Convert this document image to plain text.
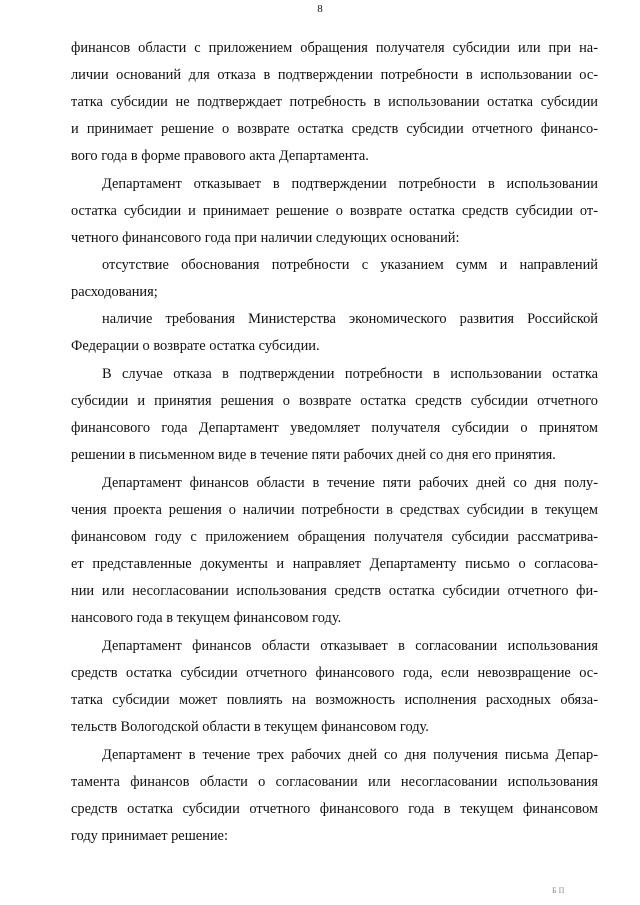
8
финансов области с приложением обращения получателя субсидии или при на-
личии оснований для отказа в подтверждении потребности в использовании ос-
татка субсидии не подтверждает потребность в использовании остатка субсидии
и принимает решение о возврате остатка средств субсидии отчетного финансо-
вого года в форме правового акта Департамента.
Департамент отказывает в подтверждении потребности в использовании
остатка субсидии и принимает решение о возврате остатка средств субсидии от-
четного финансового года при наличии следующих оснований:
отсутствие обоснования потребности с указанием сумм и направлений
расходования;
наличие требования Министерства экономического развития Российской
Федерации о возврате остатка субсидии.
В случае отказа в подтверждении потребности в использовании остатка
субсидии и принятия решения о возврате остатка средств субсидии отчетного
финансового года Департамент уведомляет получателя субсидии о принятом
решении в письменном виде в течение пяти рабочих дней со дня его принятия.
Департамент финансов области в течение пяти рабочих дней со дня полу-
чения проекта решения о наличии потребности в средствах субсидии в текущем
финансовом году с приложением обращения получателя субсидии рассматрива-
ет представленные документы и направляет Департаменту письмо о согласова-
нии или несогласовании использования средств остатка субсидии отчетного фи-
нансового года в текущем финансовом году.
Департамент финансов области отказывает в согласовании использования
средств остатка субсидии отчетного финансового года, если невозвращение ос-
татка субсидии может повлиять на возможность исполнения расходных обяза-
тельств Вологодской области в текущем финансовом году.
Департамент в течение трех рабочих дней со дня получения письма Депар-
тамента финансов области о согласовании или несогласовании использования
средств остатка субсидии отчетного финансового года в текущем финансовом
году принимает решение:
Б П
